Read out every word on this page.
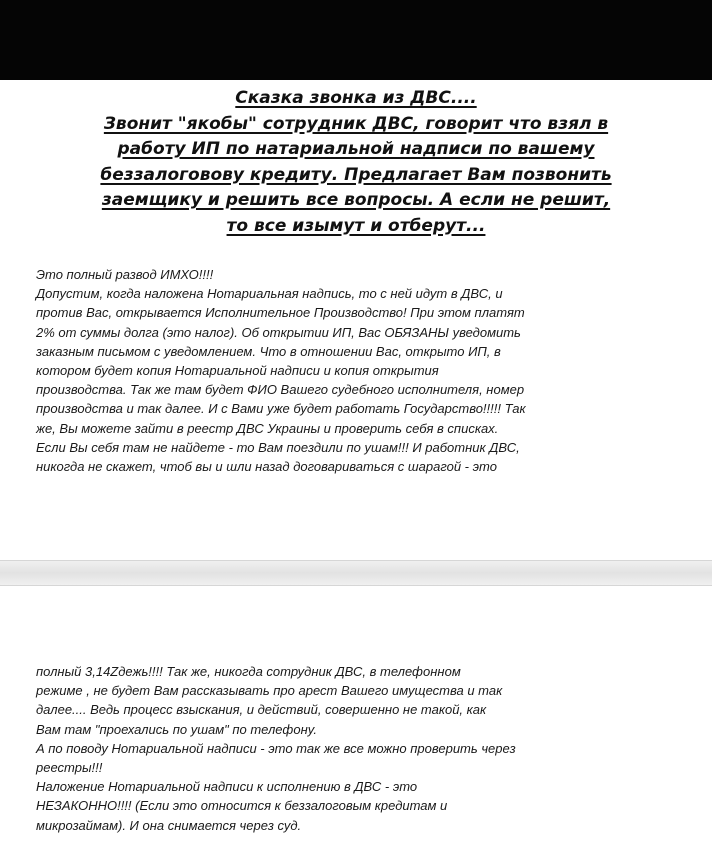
Сказка звонка из ДВС....
Звонит "якобы" сотрудник ДВС, говорит что взял в
работу ИП по натариальной надписи по вашему
беззалоговову кредиту. Предлагает Вам позвонить
заемщику и решить все вопросы. А если не решит,
то все изымут и отберут...
Это полный развод ИМХО!!!!
Допустим, когда наложена Нотариальная надпись, то с ней идут в ДВС, и
против Вас, открывается Исполнительное Производство! При этом платят
2% от суммы долга (это налог). Об открытии ИП, Вас ОБЯЗАНЫ уведомить
заказным письмом с уведомлением. Что в отношении Вас, открыто ИП, в
котором будет копия Нотариальной надписи и копия открытия
производства. Так же там будет ФИО Вашего судебного исполнителя, номер
производства и так далее. И с Вами уже будет работать Государство!!!!! Так
же, Вы можете зайти в реестр ДВС Украины и проверить себя в списках.
Если Вы себя там не найдете - то Вам поездили по ушам!!! И работник ДВС,
никогда не скажет, чтоб вы и шли назад договариваться с шарагой - это
полный 3,14Zдежь!!!! Так же, никогда сотрудник ДВС, в телефонном
режиме , не будет Вам рассказывать про арест Вашего имущества и так
далее.... Ведь процесс взыскания, и действий, совершенно не такой, как
Вам там "проехались по ушам" по телефону.
А по поводу Нотариальной надписи - это так же все можно проверить через
реестры!!!
Наложение Нотариальной надписи к исполнению в ДВС - это
НЕЗАКОННО!!!! (Если это относится к беззалоговым кредитам и
микрозаймам). И она снимается через суд.
